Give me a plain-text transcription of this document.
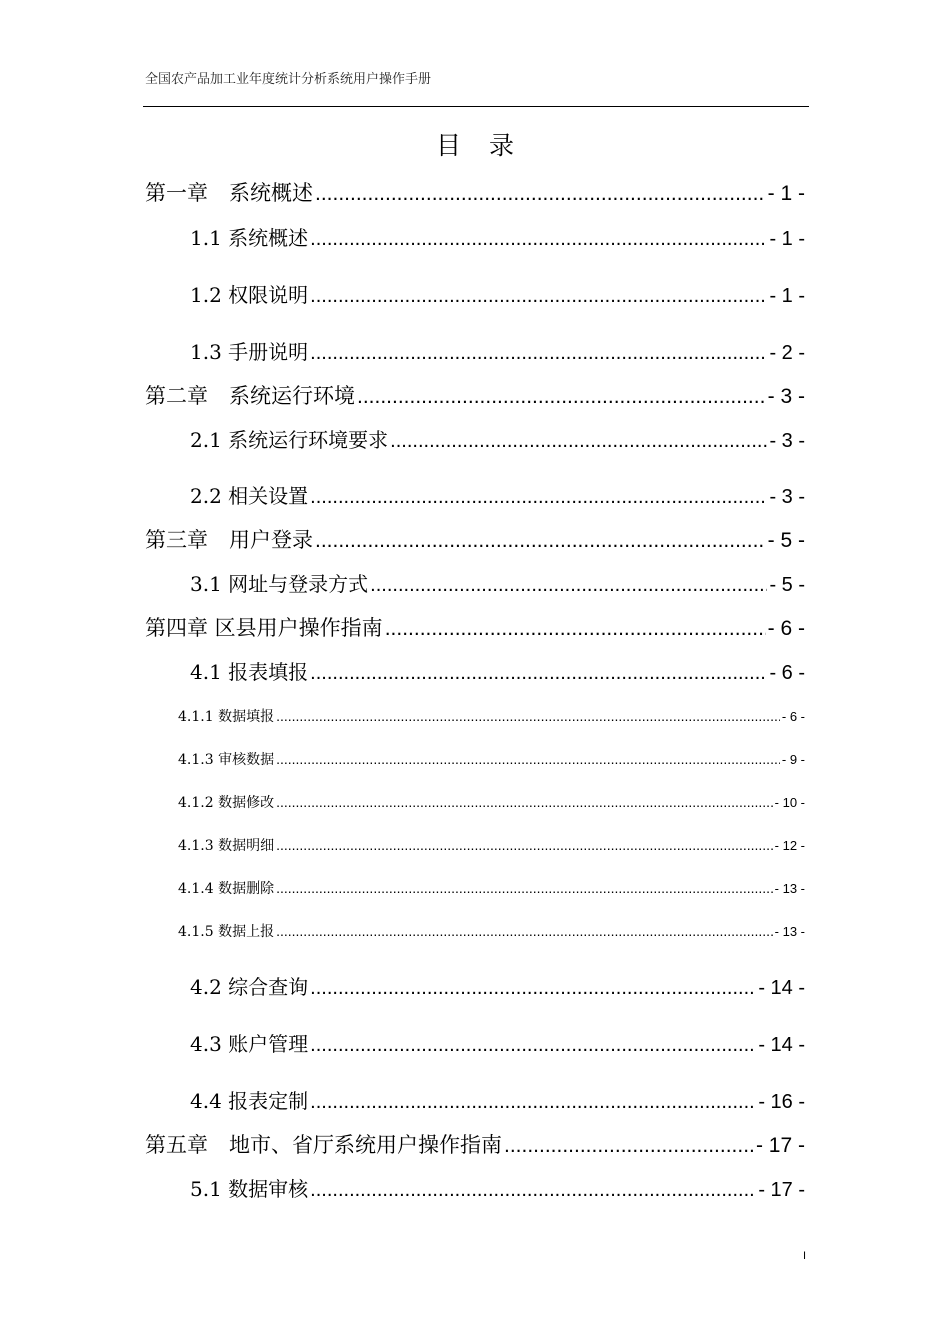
全国农产品加工业年度统计分析系统用户操作手册
目录
第一章　系统概述 .....	- 1 -
1.1 系统概述 .....	- 1 -
1.2 权限说明 .....	- 1 -
1.3 手册说明 .....	- 2 -
第二章　系统运行环境 .....	- 3 -
2.1 系统运行环境要求 .....	- 3 -
2.2 相关设置 .....	- 3 -
第三章　用户登录 .....	- 5 -
3.1 网址与登录方式 .....	- 5 -
第四章 区县用户操作指南 .....	- 6 -
4.1 报表填报 .....	- 6 -
4.1.1 数据填报 .....	- 6 -
4.1.3 审核数据 .....	- 9 -
4.1.2 数据修改 .....	- 10 -
4.1.3 数据明细 .....	- 12 -
4.1.4 数据删除 .....	- 13 -
4.1.5 数据上报 .....	- 13 -
4.2 综合查询 .....	- 14 -
4.3 账户管理 .....	- 14 -
4.4 报表定制 .....	- 16 -
第五章　地市、省厅系统用户操作指南 .....	- 17 -
5.1 数据审核 .....	- 17 -
I
